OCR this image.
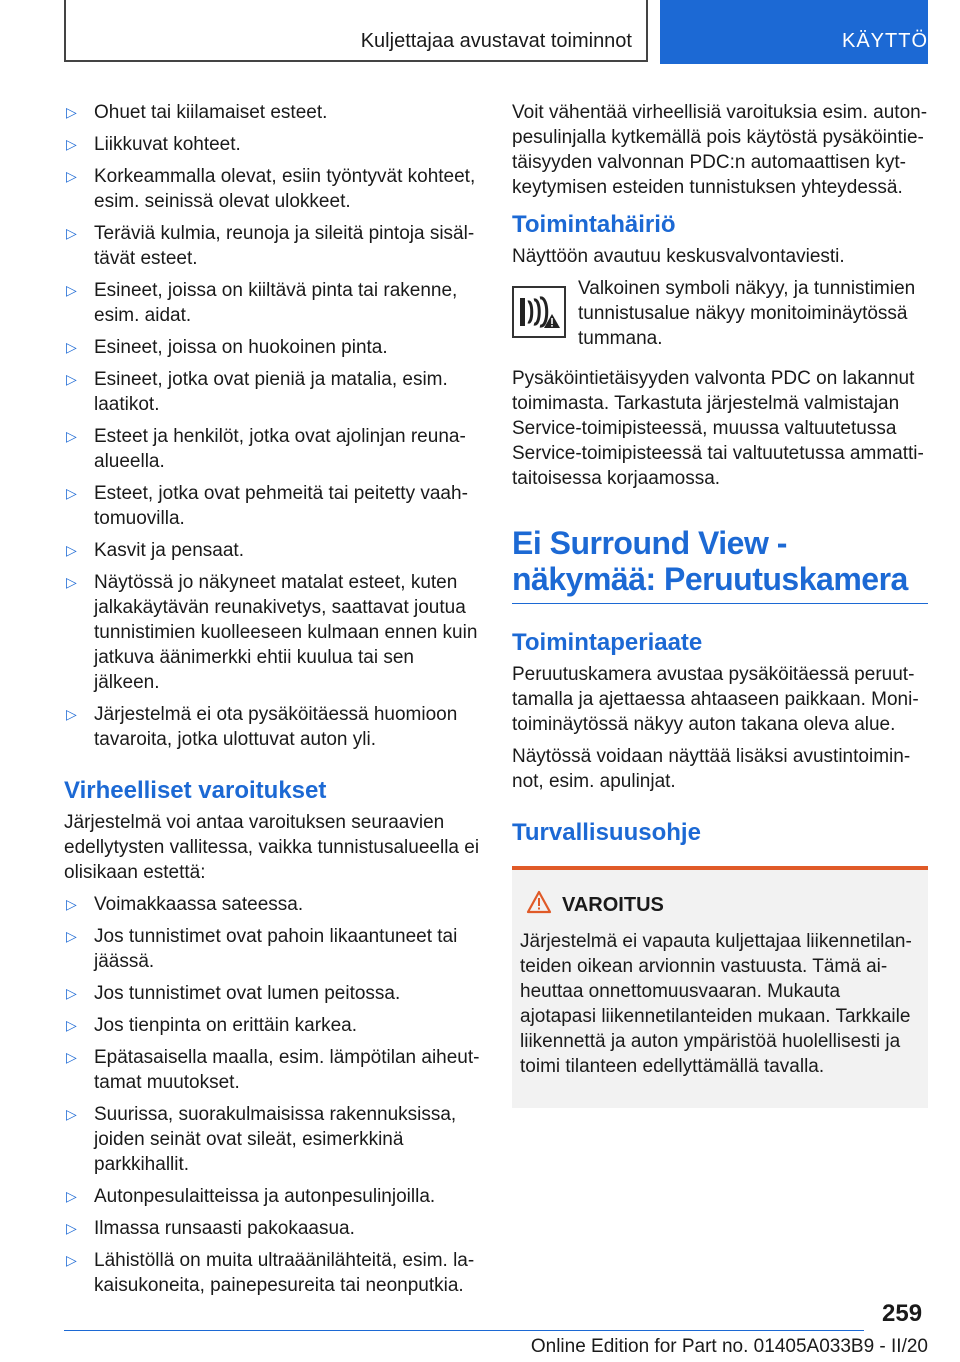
Kuljettajaa avustavat toiminnot	KÄYTTÖ
▷ Ohuet tai kiilamaiset esteet.
▷ Liikkuvat kohteet.
▷ Korkeammalla olevat, esiin työntyvät kohteet, esim. seinissä olevat ulokkeet.
▷ Teräviä kulmia, reunoja ja sileitä pintoja sisältävät esteet.
▷ Esineet, joissa on kiiltävä pinta tai rakenne, esim. aidat.
▷ Esineet, joissa on huokoinen pinta.
▷ Esineet, jotka ovat pieniä ja matalia, esim. laatikot.
▷ Esteet ja henkilöt, jotka ovat ajolinjan reunaalueella.
▷ Esteet, jotka ovat pehmeitä tai peitetty vaahtomuovilla.
▷ Kasvit ja pensaat.
▷ Näytössä jo näkyneet matalat esteet, kuten jalkakäytävän reunakivetys, saattavat joutua tunnistimien kuolleeseen kulmaan ennen kuin jatkuva äänimerkki ehtii kuulua tai sen jälkeen.
▷ Järjestelmä ei ota pysäköitäessä huomioon tavaroita, jotka ulottuvat auton yli.
Virheelliset varoitukset

Järjestelmä voi antaa varoituksen seuraavien edellytysten vallitessa, vaikka tunnistusalueella ei olisikaan estettä:

▷ Voimakkaassa sateessa.
▷ Jos tunnistimet ovat pahoin likaantuneet tai jäässä.
▷ Jos tunnistimet ovat lumen peitossa.
▷ Jos tienpinta on erittäin karkea.
▷ Epätasaisella maalla, esim. lämpötilan aiheuttamat muutokset.
▷ Suurissa, suorakulmaisissa rakennuksissa, joiden seinät ovat sileät, esimerkkinä parkkihallit.
▷ Autonpesulaitteissa ja autonpesulinjoilla.
▷ Ilmassa runsaasti pakokaasua.
▷ Lähistöllä on muita ultraäänilähteitä, esim. lakaisukoneita, painepesureita tai neonputkia.

Voit vähentää virheellisiä varoituksia esim. autonpesulinjalla kytkemällä pois käytöstä pysäköintietäisyyden valvonnan PDC:n automaattisen kytkeytymisen esteiden tunnistuksen yhteydessä.

Toimintahäiriö

Näyttöön avautuu keskusvalvontaviesti.

Valkoinen symboli näkyy, ja tunnistimien tunnistusalue näkyy monitoiminäytössä tummana.

Pysäköintietäisyyden valvonta PDC on lakannut toimimasta. Tarkastuta järjestelmä valmistajan Service-toimipisteessä, muussa valtuutetussa Service-toimipisteessä tai valtuutetussa ammattitaitoisessa korjaamossa.

Ei Surround View -näkymää: Peruutuskamera
Toimintaperiaate

Peruutuskamera avustaa pysäköitäessä peruuttamalla ja ajettaessa ahtaaseen paikkaan. Monitoiminäytössä näkyy auton takana oleva alue.

Näytössä voidaan näyttää lisäksi avustintoiminnot, esim. apulinjat.

Turvallisuusohje
VAROITUS

Järjestelmä ei vapauta kuljettajaa liikennetilanteiden oikean arvionnin vastuusta. Tämä aiheuttaa onnettomuusvaaran. Mukauta ajotapasi liikennetilanteiden mukaan. Tarkkaile liikennettä ja auton ympäristöä huolellisesti ja toimi tilanteen edellyttämällä tavalla.

259
Online Edition for Part no. 01405A033B9 - II/20
